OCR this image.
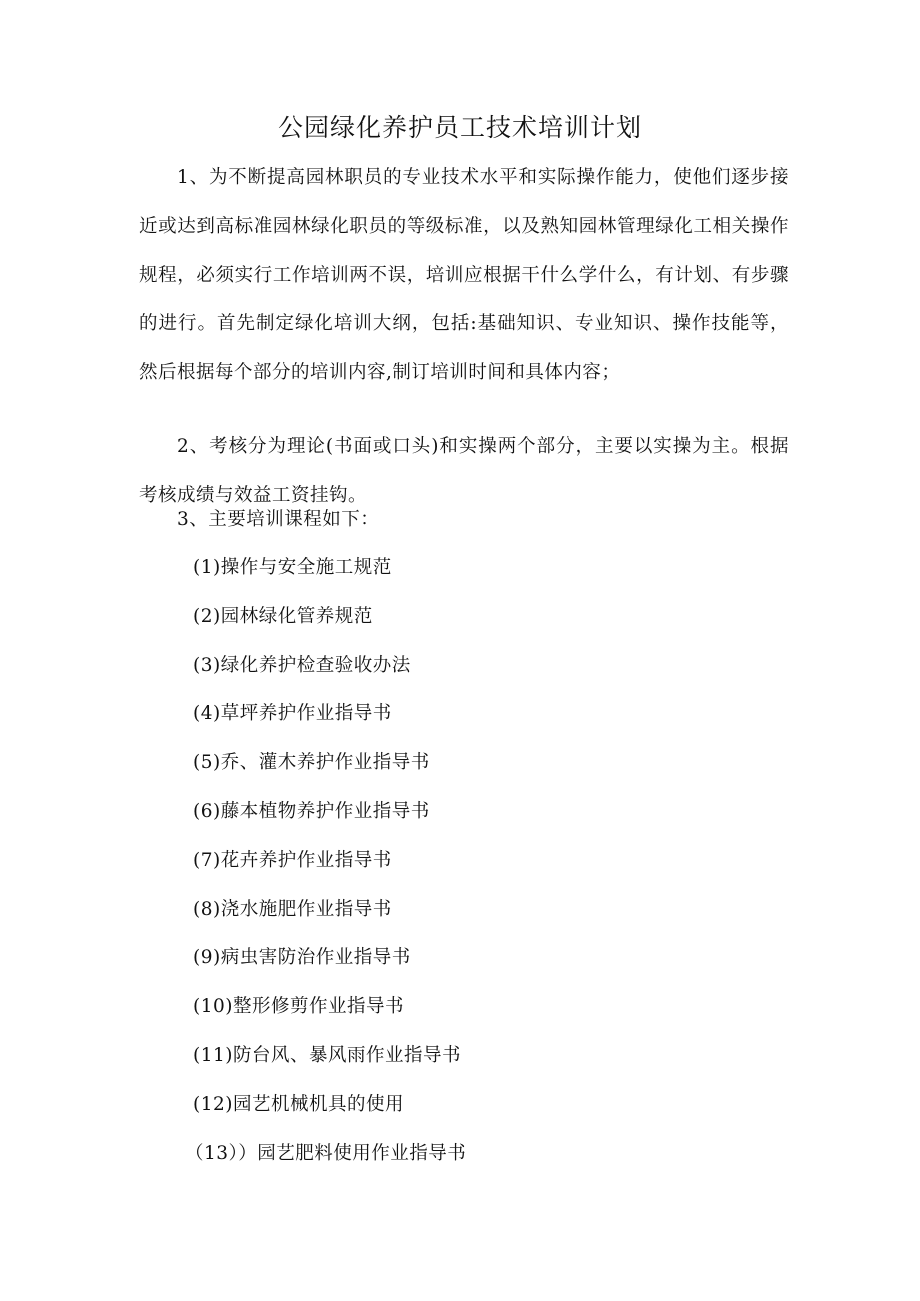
公园绿化养护员工技术培训计划

1、为不断提高园林职员的专业技术水平和实际操作能力，使他们逐步接近或达到高标准园林绿化职员的等级标准，以及熟知园林管理绿化工相关操作规程，必须实行工作培训两不误，培训应根据干什么学什么，有计划、有步骤的进行。首先制定绿化培训大纲，包括:基础知识、专业知识、操作技能等，然后根据每个部分的培训内容,制订培训时间和具体内容；

2、考核分为理论(书面或口头)和实操两个部分，主要以实操为主。根据考核成绩与效益工资挂钩。

3、主要培训课程如下：

(1)操作与安全施工规范
(2)园林绿化管养规范
(3)绿化养护检查验收办法
(4)草坪养护作业指导书
(5)乔、灌木养护作业指导书
(6)藤本植物养护作业指导书
(7)花卉养护作业指导书
(8)浇水施肥作业指导书
(9)病虫害防治作业指导书
(10)整形修剪作业指导书
(11)防台风、暴风雨作业指导书
(12)园艺机械机具的使用
（13））园艺肥料使用作业指导书
